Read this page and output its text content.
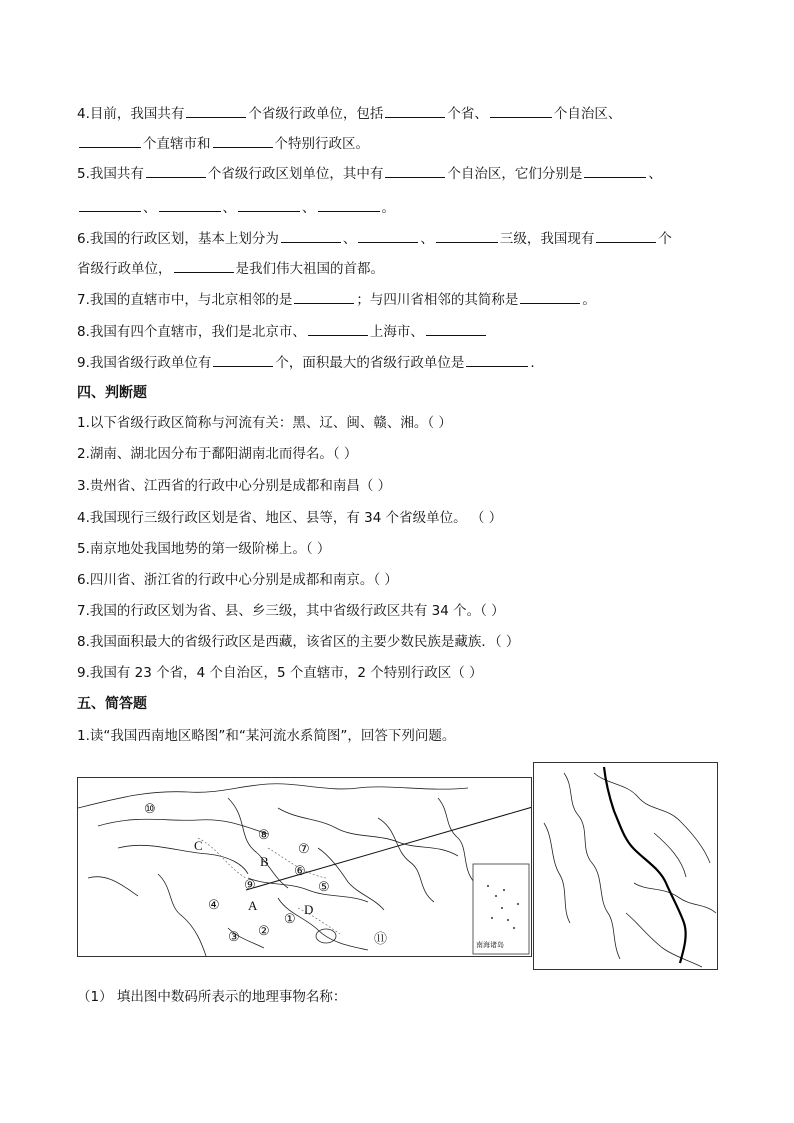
4.目前，我国共有	个省级行政单位，包括	个省、	个自治区、
个直辖市和	个特别行政区。
5.我国共有	个省级行政区划单位，其中有	个自治区，它们分别是	、
、	、	、	。
6.我国的行政区划，基本上划分为	、	、	三级，我国现有	个
省级行政单位，	是我们伟大祖国的首都。
7.我国的直辖市中，与北京相邻的是	；与四川省相邻的其简称是	。
8.我国有四个直辖市，我们是北京市、	上海市、
9.我国省级行政单位有	个，面积最大的省级行政单位是	.
四、判断题
1.以下省级行政区简称与河流有关：黑、辽、闽、赣、湘。（ ）
2.湖南、湖北因分布于鄱阳湖南北而得名。（ ）
3.贵州省、江西省的行政中心分别是成都和南昌（ ）
4.我国现行三级行政区划是省、地区、县等，有 34 个省级单位。 （ ）
5.南京地处我国地势的第一级阶梯上。（ ）
6.四川省、浙江省的行政中心分别是成都和南京。（ ）
7.我国的行政区划为省、县、乡三级，其中省级行政区共有 34 个。（ ）
8.我国面积最大的省级行政区是西藏，该省区的主要少数民族是藏族．（ ）
9.我国有 23 个省，4 个自治区，5 个直辖市，2 个特别行政区（ ）
五、简答题
1.读“我国西南地区略图”和“某河流水系简图”，回答下列问题。
⑩
C
⑧
B
⑦
⑥
⑨	⑤
④ A	D
①
③ ②
⑪	南海诸岛
（1） 填出图中数码所表示的地理事物名称：
